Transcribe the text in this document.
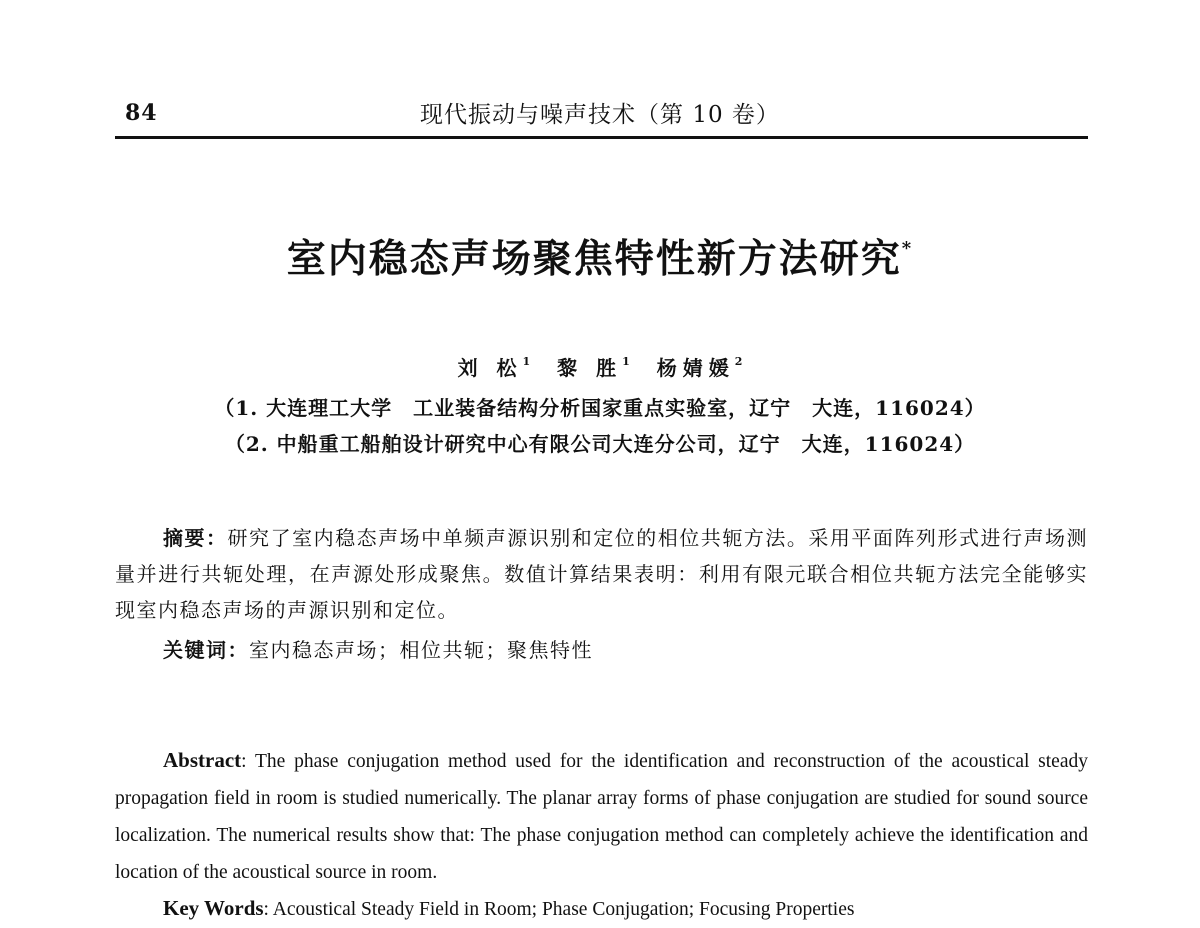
84	现代振动与噪声技术（第 10 卷）
室内稳态声场聚焦特性新方法研究*
刘 松$^1$ 黎 胜$^1$ 杨婧媛$^2$
（1. 大连理工大学　工业装备结构分析国家重点实验室，辽宁　大连，116024）
（2. 中船重工船舶设计研究中心有限公司大连分公司，辽宁　大连，116024）
摘要：研究了室内稳态声场中单频声源识别和定位的相位共轭方法。采用平面阵列形式进行声场测量并进行共轭处理，在声源处形成聚焦。数值计算结果表明：利用有限元联合相位共轭方法完全能够实现室内稳态声场的声源识别和定位。
关键词：室内稳态声场；相位共轭；聚焦特性
Abstract: The phase conjugation method used for the identification and reconstruction of the acoustical steady propagation field in room is studied numerically. The planar array forms of phase conjugation are studied for sound source localization. The numerical results show that: The phase conjugation method can completely achieve the identification and location of the acoustical source in room.
Key Words: Acoustical Steady Field in Room; Phase Conjugation; Focusing Properties
